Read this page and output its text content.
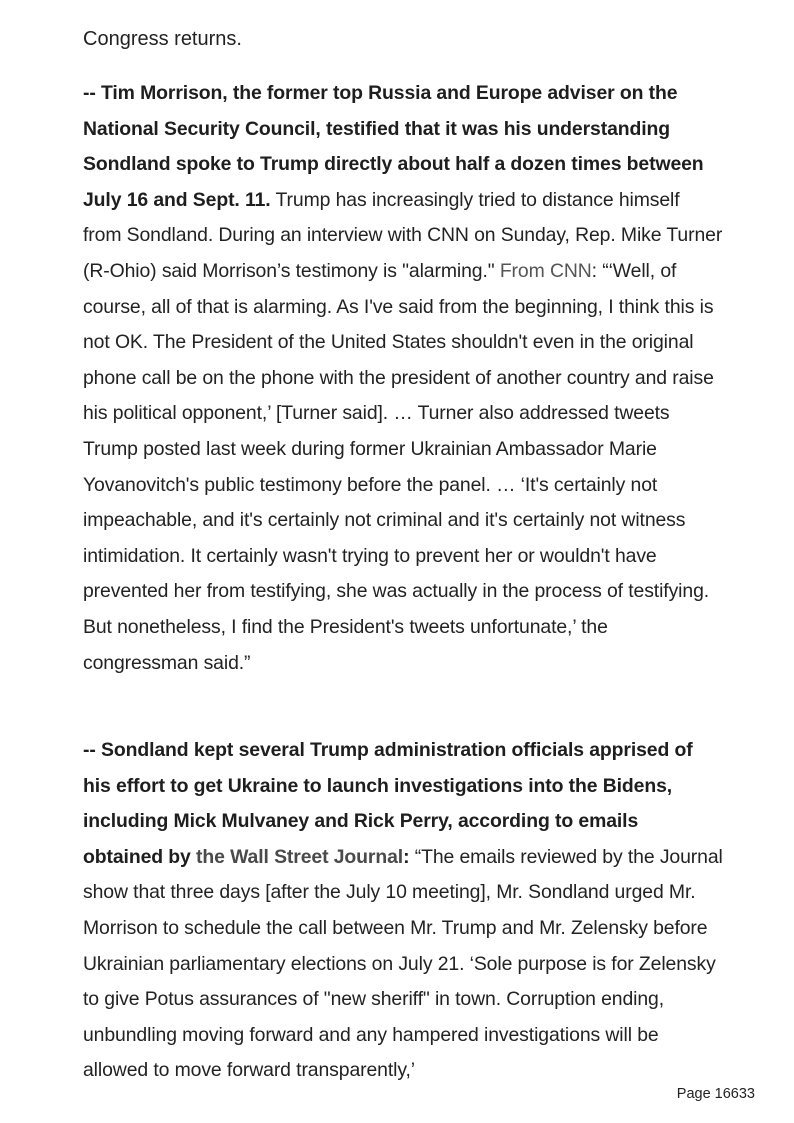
Congress returns.

-- Tim Morrison, the former top Russia and Europe adviser on the National Security Council, testified that it was his understanding Sondland spoke to Trump directly about half a dozen times between July 16 and Sept. 11. Trump has increasingly tried to distance himself from Sondland. During an interview with CNN on Sunday, Rep. Mike Turner (R-Ohio) said Morrison’s testimony is "alarming." From CNN: “‘Well, of course, all of that is alarming. As I've said from the beginning, I think this is not OK. The President of the United States shouldn't even in the original phone call be on the phone with the president of another country and raise his political opponent,’ [Turner said]. … Turner also addressed tweets Trump posted last week during former Ukrainian Ambassador Marie Yovanovitch's public testimony before the panel. … ‘It's certainly not impeachable, and it's certainly not criminal and it's certainly not witness intimidation. It certainly wasn't trying to prevent her or wouldn't have prevented her from testifying, she was actually in the process of testifying. But nonetheless, I find the President's tweets unfortunate,’ the congressman said.”

-- Sondland kept several Trump administration officials apprised of his effort to get Ukraine to launch investigations into the Bidens, including Mick Mulvaney and Rick Perry, according to emails obtained by the Wall Street Journal: “The emails reviewed by the Journal show that three days [after the July 10 meeting], Mr. Sondland urged Mr. Morrison to schedule the call between Mr. Trump and Mr. Zelensky before Ukrainian parliamentary elections on July 21. ‘Sole purpose is for Zelensky to give Potus assurances of "new sheriff" in town. Corruption ending, unbundling moving forward and any hampered investigations will be allowed to move forward transparently,’

Page 16633
